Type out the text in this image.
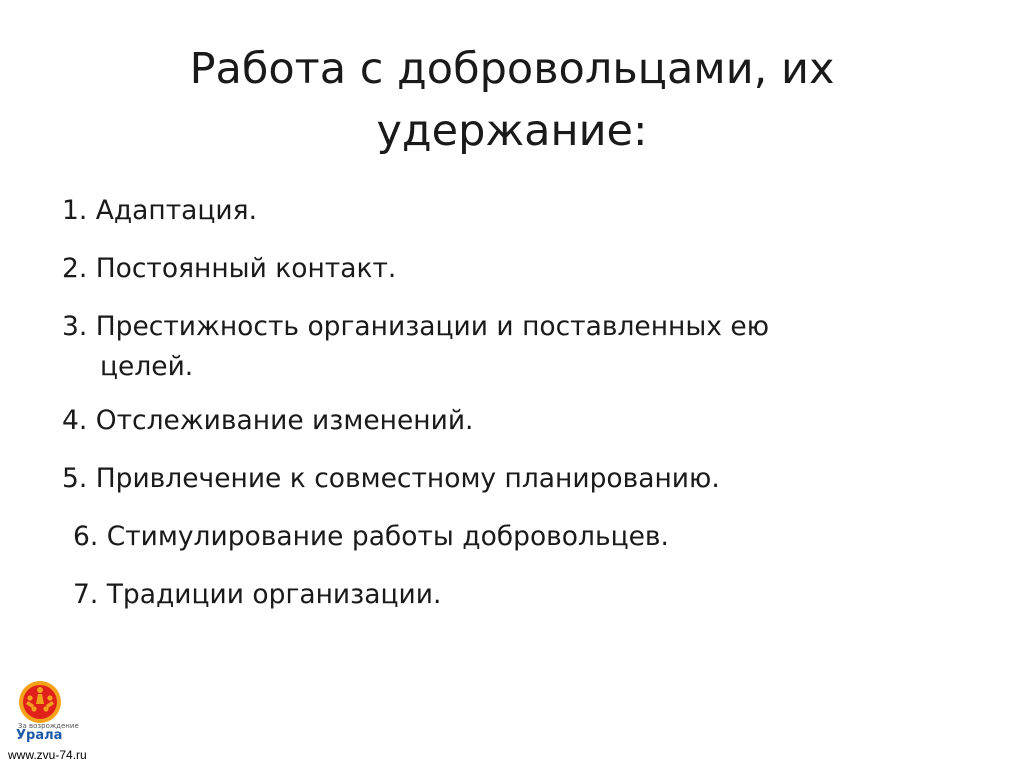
Работа с добровольцами, их
удержание:
1. Адаптация.
2. Постоянный контакт.
3. Престижность организации и поставленных ею
целей.
4. Отслеживание изменений.
5. Привлечение к совместному планированию.
6. Стимулирование работы добровольцев.
7. Традиции организации.
За возрождение
Урала
www.zvu-74.ru
